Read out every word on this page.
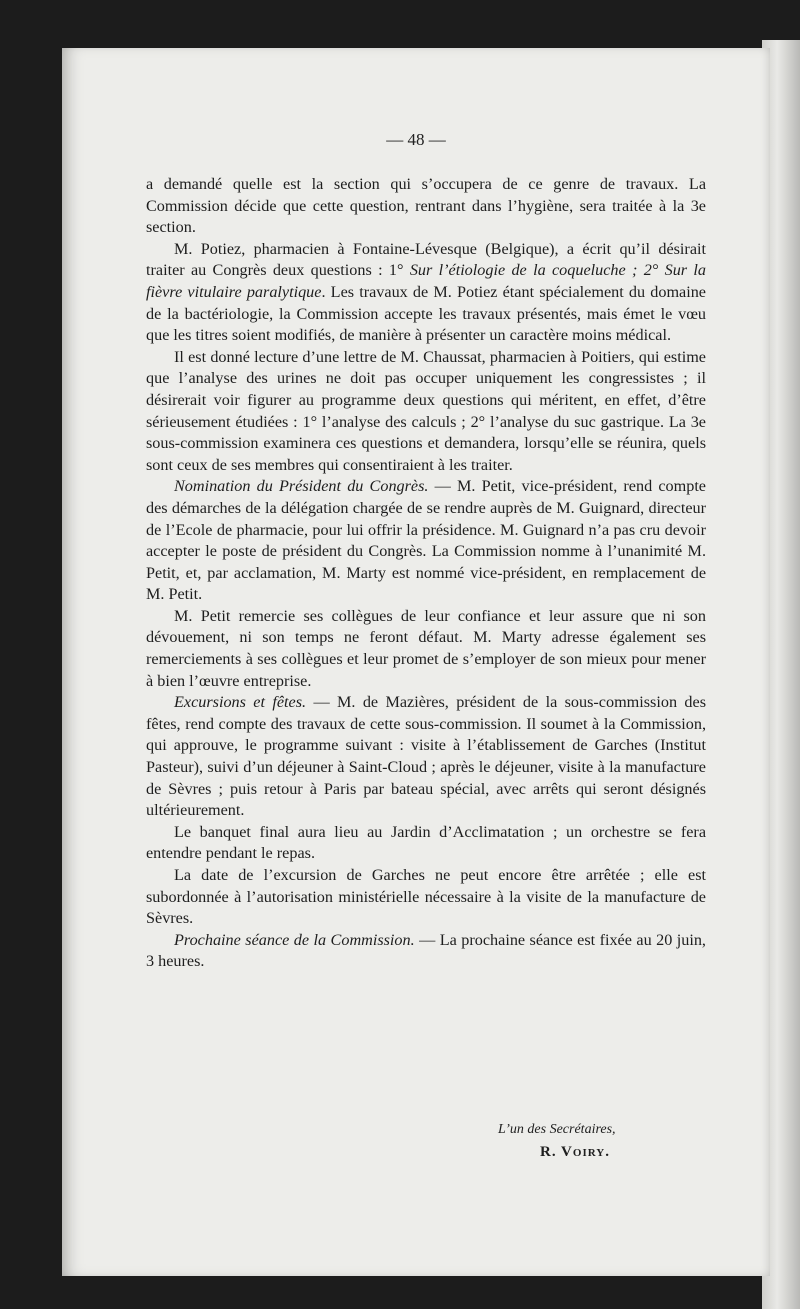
— 48 —

a demandé quelle est la section qui s’occupera de ce genre de travaux. La Commission décide que cette question, rentrant dans l’hygiène, sera traitée à la 3e section.

M. Potiez, pharmacien à Fontaine-Lévesque (Belgique), a écrit qu’il désirait traiter au Congrès deux questions : 1° Sur l’étiologie de la coqueluche ; 2° Sur la fièvre vitulaire paralytique. Les travaux de M. Potiez étant spécialement du domaine de la bactériologie, la Commission accepte les travaux présentés, mais émet le vœu que les titres soient modifiés, de manière à présenter un caractère moins médical.

Il est donné lecture d’une lettre de M. Chaussat, pharmacien à Poitiers, qui estime que l’analyse des urines ne doit pas occuper uniquement les congressistes ; il désirerait voir figurer au programme deux questions qui méritent, en effet, d’être sérieusement étudiées : 1° l’analyse des calculs ; 2° l’analyse du suc gastrique. La 3e sous-commission examinera ces questions et demandera, lorsqu’elle se réunira, quels sont ceux de ses membres qui consentiraient à les traiter.

Nomination du Président du Congrès. — M. Petit, vice-président, rend compte des démarches de la délégation chargée de se rendre auprès de M. Guignard, directeur de l’Ecole de pharmacie, pour lui offrir la présidence. M. Guignard n’a pas cru devoir accepter le poste de président du Congrès. La Commission nomme à l’unanimité M. Petit, et, par acclamation, M. Marty est nommé vice-président, en remplacement de M. Petit.

M. Petit remercie ses collègues de leur confiance et leur assure que ni son dévouement, ni son temps ne feront défaut. M. Marty adresse également ses remerciements à ses collègues et leur promet de s’employer de son mieux pour mener à bien l’œuvre entreprise.

Excursions et fêtes. — M. de Mazières, président de la sous-commission des fêtes, rend compte des travaux de cette sous-commission. Il soumet à la Commission, qui approuve, le programme suivant : visite à l’établissement de Garches (Institut Pasteur), suivi d’un déjeuner à Saint-Cloud ; après le déjeuner, visite à la manufacture de Sèvres ; puis retour à Paris par bateau spécial, avec arrêts qui seront désignés ultérieurement.

Le banquet final aura lieu au Jardin d’Acclimatation ; un orchestre se fera entendre pendant le repas.

La date de l’excursion de Garches ne peut encore être arrêtée ; elle est subordonnée à l’autorisation ministérielle nécessaire à la visite de la manufacture de Sèvres.

Prochaine séance de la Commission. — La prochaine séance est fixée au 20 juin, 3 heures.

L’un des Secrétaires,
R. Voiry.
